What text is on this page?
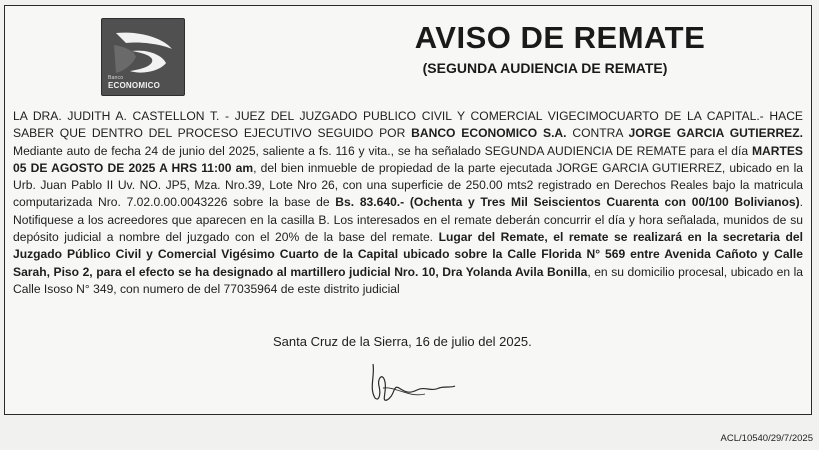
Banco
ECONOMICO
AVISO DE REMATE
(SEGUNDA AUDIENCIA DE REMATE)
LA DRA. JUDITH A. CASTELLON T. - JUEZ DEL JUZGADO PUBLICO CIVIL Y COMERCIAL VIGECIMOCUARTO DE LA CAPITAL.- HACE SABER QUE DENTRO DEL PROCESO EJECUTIVO SEGUIDO POR BANCO ECONOMICO S.A. CONTRA JORGE GARCIA GUTIERREZ. Mediante auto de fecha 24 de junio del 2025, saliente a fs. 116 y vita., se ha señalado SEGUNDA AUDIENCIA DE REMATE para el día MARTES 05 DE AGOSTO DE 2025 A HRS 11:00 am, del bien inmueble de propiedad de la parte ejecutada JORGE GARCIA GUTIERREZ, ubicado en la Urb. Juan Pablo II Uv. NO. JP5, Mza. Nro.39, Lote Nro 26, con una superficie de 250.00 mts2 registrado en Derechos Reales bajo la matricula computarizada Nro. 7.02.0.00.0043226 sobre la base de Bs. 83.640.- (Ochenta y Tres Mil Seiscientos Cuarenta con 00/100 Bolivianos). Notifiquese a los acreedores que aparecen en la casilla B. Los interesados en el remate deberán concurrir el día y hora señalada, munidos de su depósito judicial a nombre del juzgado con el 20% de la base del remate. Lugar del Remate, el remate se realizará en la secretaria del Juzgado Público Civil y Comercial Vigésimo Cuarto de la Capital ubicado sobre la Calle Florida N° 569 entre Avenida Cañoto y Calle Sarah, Piso 2, para el efecto se ha designado al martillero judicial Nro. 10, Dra Yolanda Avila Bonilla, en su domicilio procesal, ubicado en la Calle Isoso N° 349, con numero de del 77035964 de este distrito judicial
Santa Cruz de la Sierra, 16 de julio del 2025.
ACL/10540/29/7/2025
